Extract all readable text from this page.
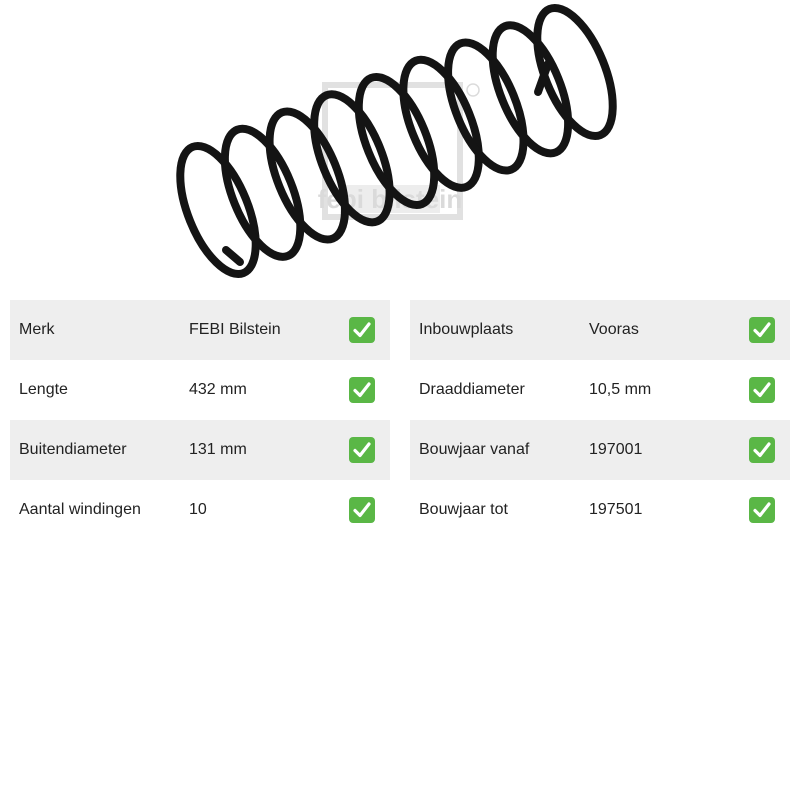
febi bilstein
Merk	FEBI Bilstein
Lengte	432 mm
Buitendiameter	131 mm
Aantal windingen	10
Inbouwplaats	Vooras
Draaddiameter	10,5 mm
Bouwjaar vanaf	197001
Bouwjaar tot	197501
